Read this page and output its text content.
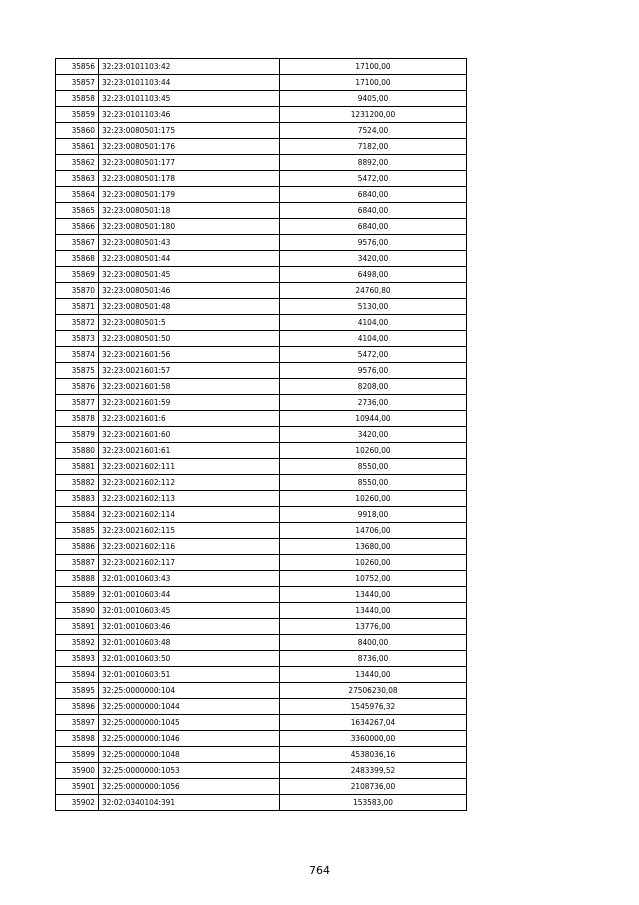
35856	32:23:0101103:42	17100,00
35857	32:23:0101103:44	17100,00
35858	32:23:0101103:45	9405,00
35859	32:23:0101103:46	1231200,00
35860	32:23:0080501:175	7524,00
35861	32:23:0080501:176	7182,00
35862	32:23:0080501:177	8892,00
35863	32:23:0080501:178	5472,00
35864	32:23:0080501:179	6840,00
35865	32:23:0080501:18	6840,00
35866	32:23:0080501:180	6840,00
35867	32:23:0080501:43	9576,00
35868	32:23:0080501:44	3420,00
35869	32:23:0080501:45	6498,00
35870	32:23:0080501:46	24760,80
35871	32:23:0080501:48	5130,00
35872	32:23:0080501:5	4104,00
35873	32:23:0080501:50	4104,00
35874	32:23:0021601:56	5472,00
35875	32:23:0021601:57	9576,00
35876	32:23:0021601:58	8208,00
35877	32:23:0021601:59	2736,00
35878	32:23:0021601:6	10944,00
35879	32:23:0021601:60	3420,00
35880	32:23:0021601:61	10260,00
35881	32:23:0021602:111	8550,00
35882	32:23:0021602:112	8550,00
35883	32:23:0021602:113	10260,00
35884	32:23:0021602:114	9918,00
35885	32:23:0021602:115	14706,00
35886	32:23:0021602:116	13680,00
35887	32:23:0021602:117	10260,00
35888	32:01:0010603:43	10752,00
35889	32:01:0010603:44	13440,00
35890	32:01:0010603:45	13440,00
35891	32:01:0010603:46	13776,00
35892	32:01:0010603:48	8400,00
35893	32:01:0010603:50	8736,00
35894	32:01:0010603:51	13440,00
35895	32:25:0000000:104	27506230,08
35896	32:25:0000000:1044	1545976,32
35897	32:25:0000000:1045	1634267,04
35898	32:25:0000000:1046	3360000,00
35899	32:25:0000000:1048	4538036,16
35900	32:25:0000000:1053	2483399,52
35901	32:25:0000000:1056	2108736,00
35902	32:02:0340104:391	153583,00
764
